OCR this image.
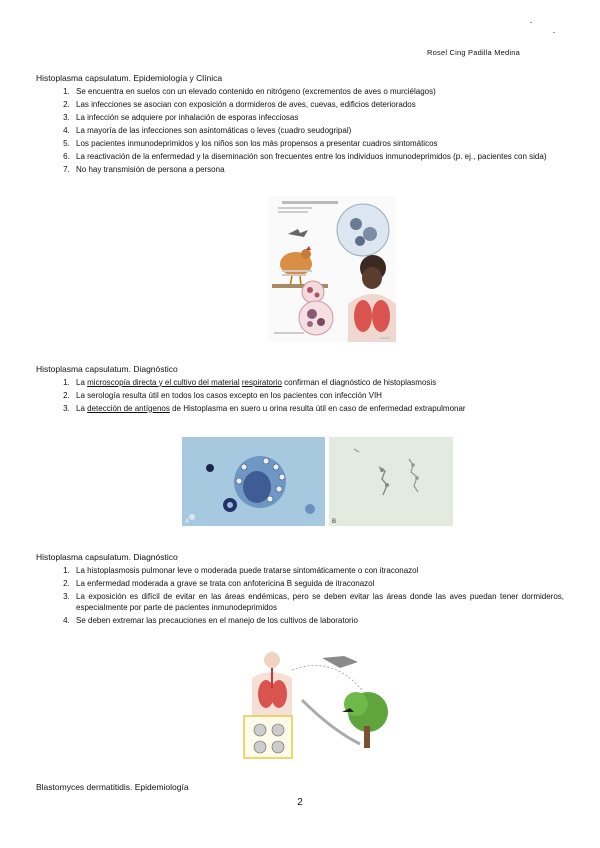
Rosel Cing Padilla Medina
Histoplasma capsulatum. Epidemiología y Clínica
1. Se encuentra en suelos con un elevado contenido en nitrógeno (excrementos de aves o murciélagos)
2. Las infecciones se asocian con exposición a dormideros de aves, cuevas, edificios deteriorados
3. La infección se adquiere por inhalación de esporas infecciosas
4. La mayoría de las infecciones son asintomáticas o leves (cuadro seudogripal)
5. Los pacientes inmunodeprimidos y los niños son los más propensos a presentar cuadros sintomáticos
6. La reactivación de la enfermedad y la diseminación son frecuentes entre los individuos inmunodeprimidos (p. ej., pacientes con sida)
7. No hay transmisión de persona a persona
Histoplasma capsulatum. Diagnóstico
1. La microscopía directa y el cultivo del material respiratorio confirman el diagnóstico de histoplasmosis
2. La serología resulta útil en todos los casos excepto en los pacientes con infección VIH
3. La detección de antígenos de Histoplasma en suero u orina resulta útil en caso de enfermedad extrapulmonar
A	B
Histoplasma capsulatum. Diagnóstico
1. La histoplasmosis pulmonar leve o moderada puede tratarse sintomáticamente o con itraconazol
2. La enfermedad moderada a grave se trata con anfotericina B seguida de itraconazol
3. La exposición es difícil de evitar en las áreas endémicas, pero se deben evitar las áreas donde las aves puedan tener dormideros, especialmente por parte de pacientes inmunodeprimidos
4. Se deben extremar las precauciones en el manejo de los cultivos de laboratorio
Blastomyces dermatitidis. Epidemiología
2
